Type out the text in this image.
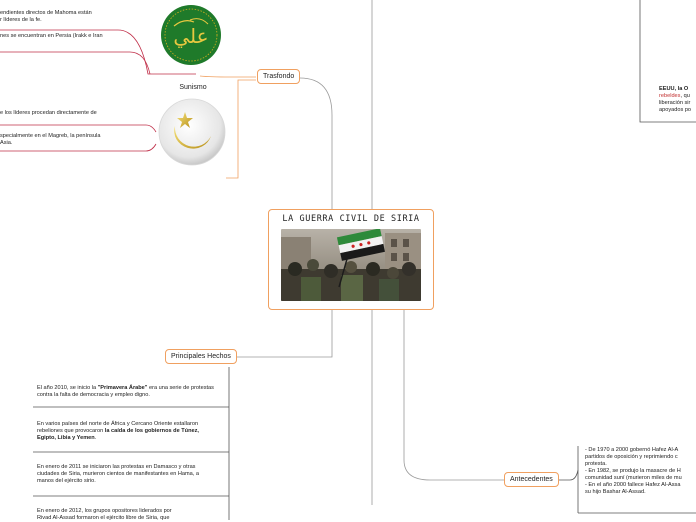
endientes directos de Mahoma están
r líderes de la fe.
nes se encuentran en Persia (Irakk e Iran	علي
Sunismo
e los líderes procedan directamente de
specialmente en el Magreb, la península
Asia.
Trasfondo
LA GUERRA CIVIL DE SIRIA
Principales Hechos
El año 2010, se inicio la "Primavera Árabe" era una serie de protestas contra la falta de democracia y empleo digno.
En varios países del norte de África y Cercano Oriente estallaron rebeliones que provocaron la caída de los gobiernos de Túnez, Egipto, Libia y Yemen.
En enero de 2011 se iniciaron las protestas en Damasco y otras ciudades de Siria, murieron cientos de manifestantes en Hama, a manos del ejército sirio.
En enero de 2012, los grupos opositores liderados por
Rivad Al-Assad formaron el ejército libre de Siria, que
Antecedentes
- De 1970 a 2000 gobernó Hafez Al-A
partidos de oposición y reprimiendo c
protesta.
- En 1982, se produjo la masacre de H
comunidad suní (murieron miles de mu
- En el año 2000 fallece Hafez Al-Assa
su hijo Bashar Al-Assad.
EEUU, la O
rebeldes, qu
liberación sir
apoyados po
